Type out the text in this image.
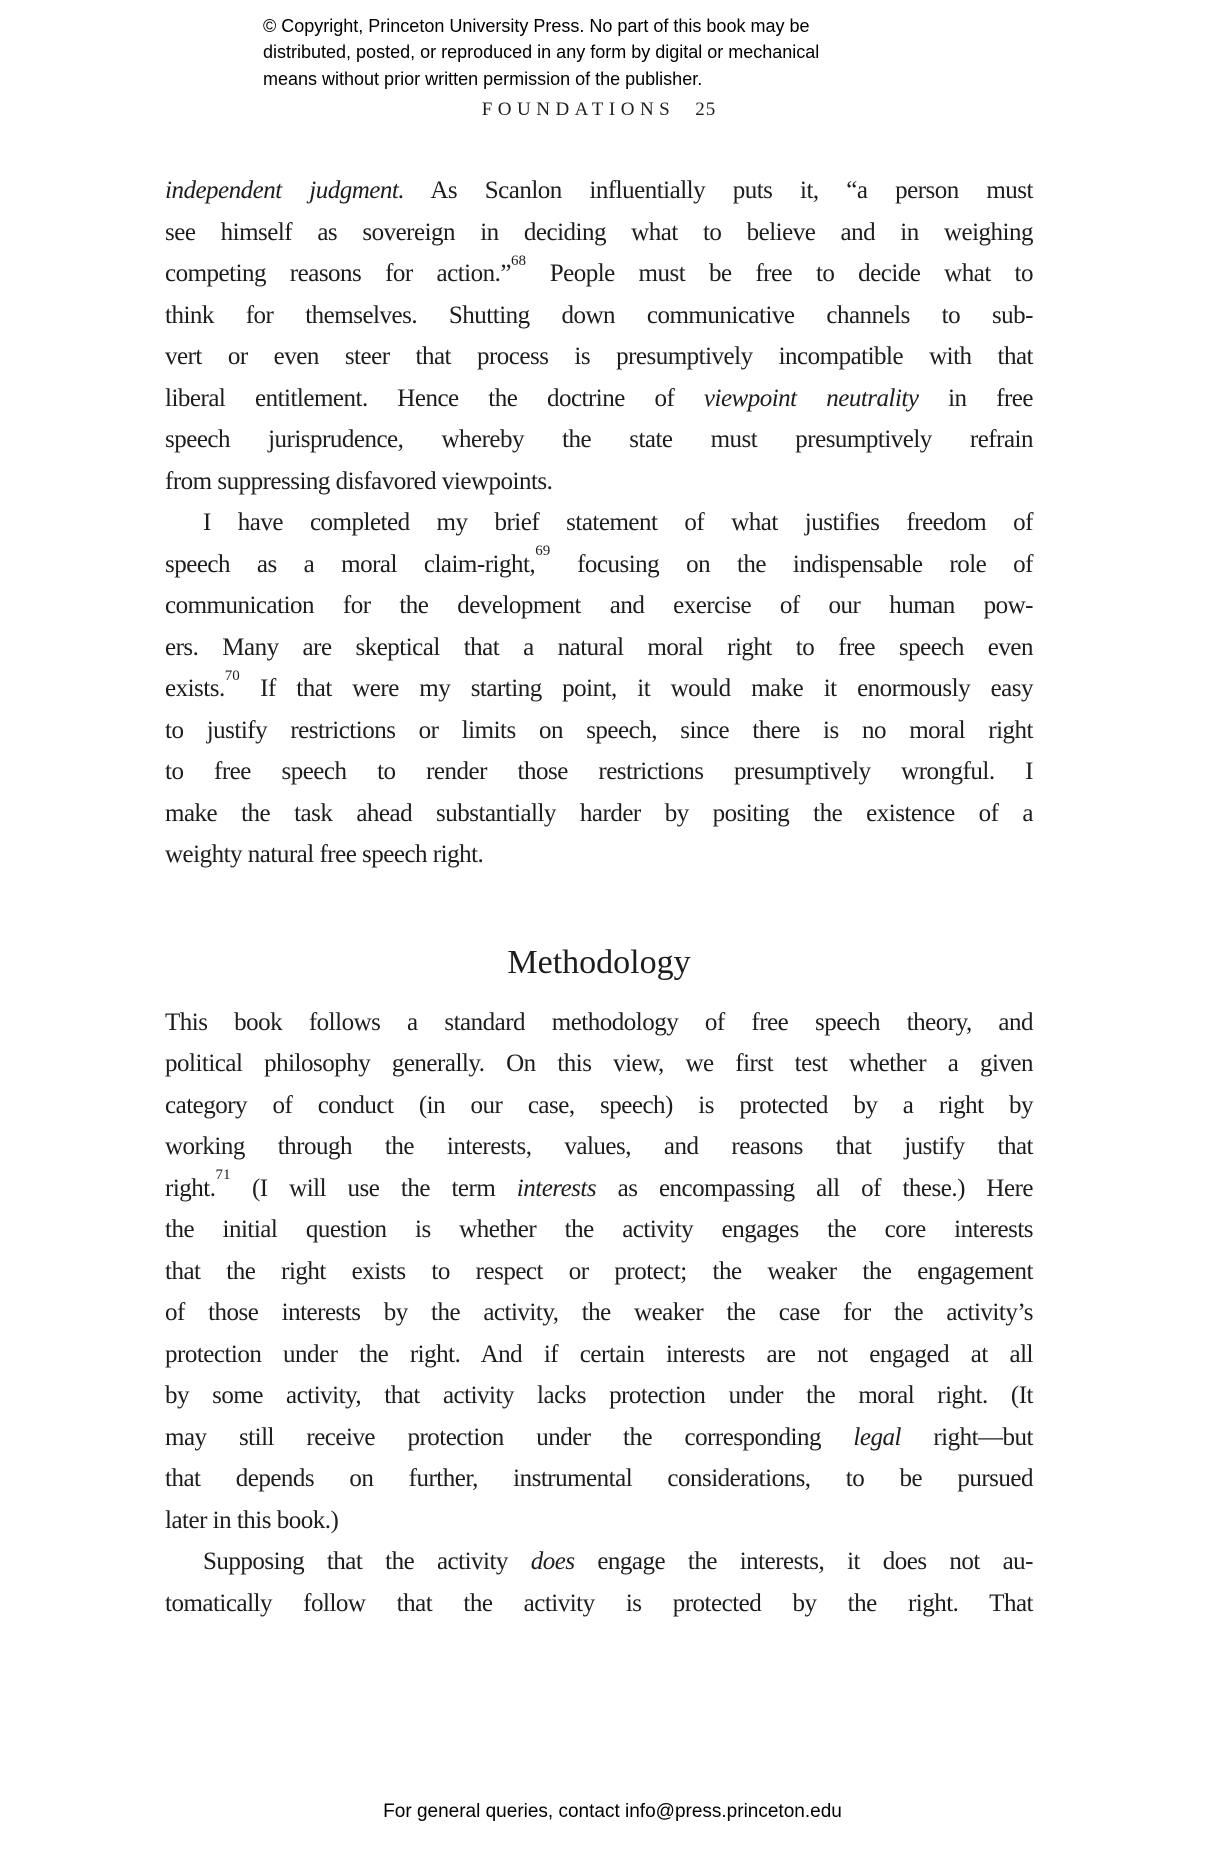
© Copyright, Princeton University Press. No part of this book may be
distributed, posted, or reproduced in any form by digital or mechanical
means without prior written permission of the publisher.
FOUNDATIONS 25
independent judgment. As Scanlon influentially puts it, “a person must
see himself as sovereign in deciding what to believe and in weighing
competing reasons for action.”$^{68}$ People must be free to decide what to
think for themselves. Shutting down communicative channels to sub-
vert or even steer that process is presumptively incompatible with that
liberal entitlement. Hence the doctrine of viewpoint neutrality in free
speech jurisprudence, whereby the state must presumptively refrain
from suppressing disfavored viewpoints.
I have completed my brief statement of what justifies freedom of
speech as a moral claim-right,$^{69}$ focusing on the indispensable role of
communication for the development and exercise of our human pow-
ers. Many are skeptical that a natural moral right to free speech even
exists.$^{70}$ If that were my starting point, it would make it enormously easy
to justify restrictions or limits on speech, since there is no moral right
to free speech to render those restrictions presumptively wrongful. I
make the task ahead substantially harder by positing the existence of a
weighty natural free speech right.
Methodology
This book follows a standard methodology of free speech theory, and
political philosophy generally. On this view, we first test whether a given
category of conduct (in our case, speech) is protected by a right by
working through the interests, values, and reasons that justify that
right.$^{71}$ (I will use the term interests as encompassing all of these.) Here
the initial question is whether the activity engages the core interests
that the right exists to respect or protect; the weaker the engagement
of those interests by the activity, the weaker the case for the activity’s
protection under the right. And if certain interests are not engaged at all
by some activity, that activity lacks protection under the moral right. (It
may still receive protection under the corresponding legal right—but
that depends on further, instrumental considerations, to be pursued
later in this book.)
Supposing that the activity does engage the interests, it does not au-
tomatically follow that the activity is protected by the right. That
For general queries, contact info@press.princeton.edu
